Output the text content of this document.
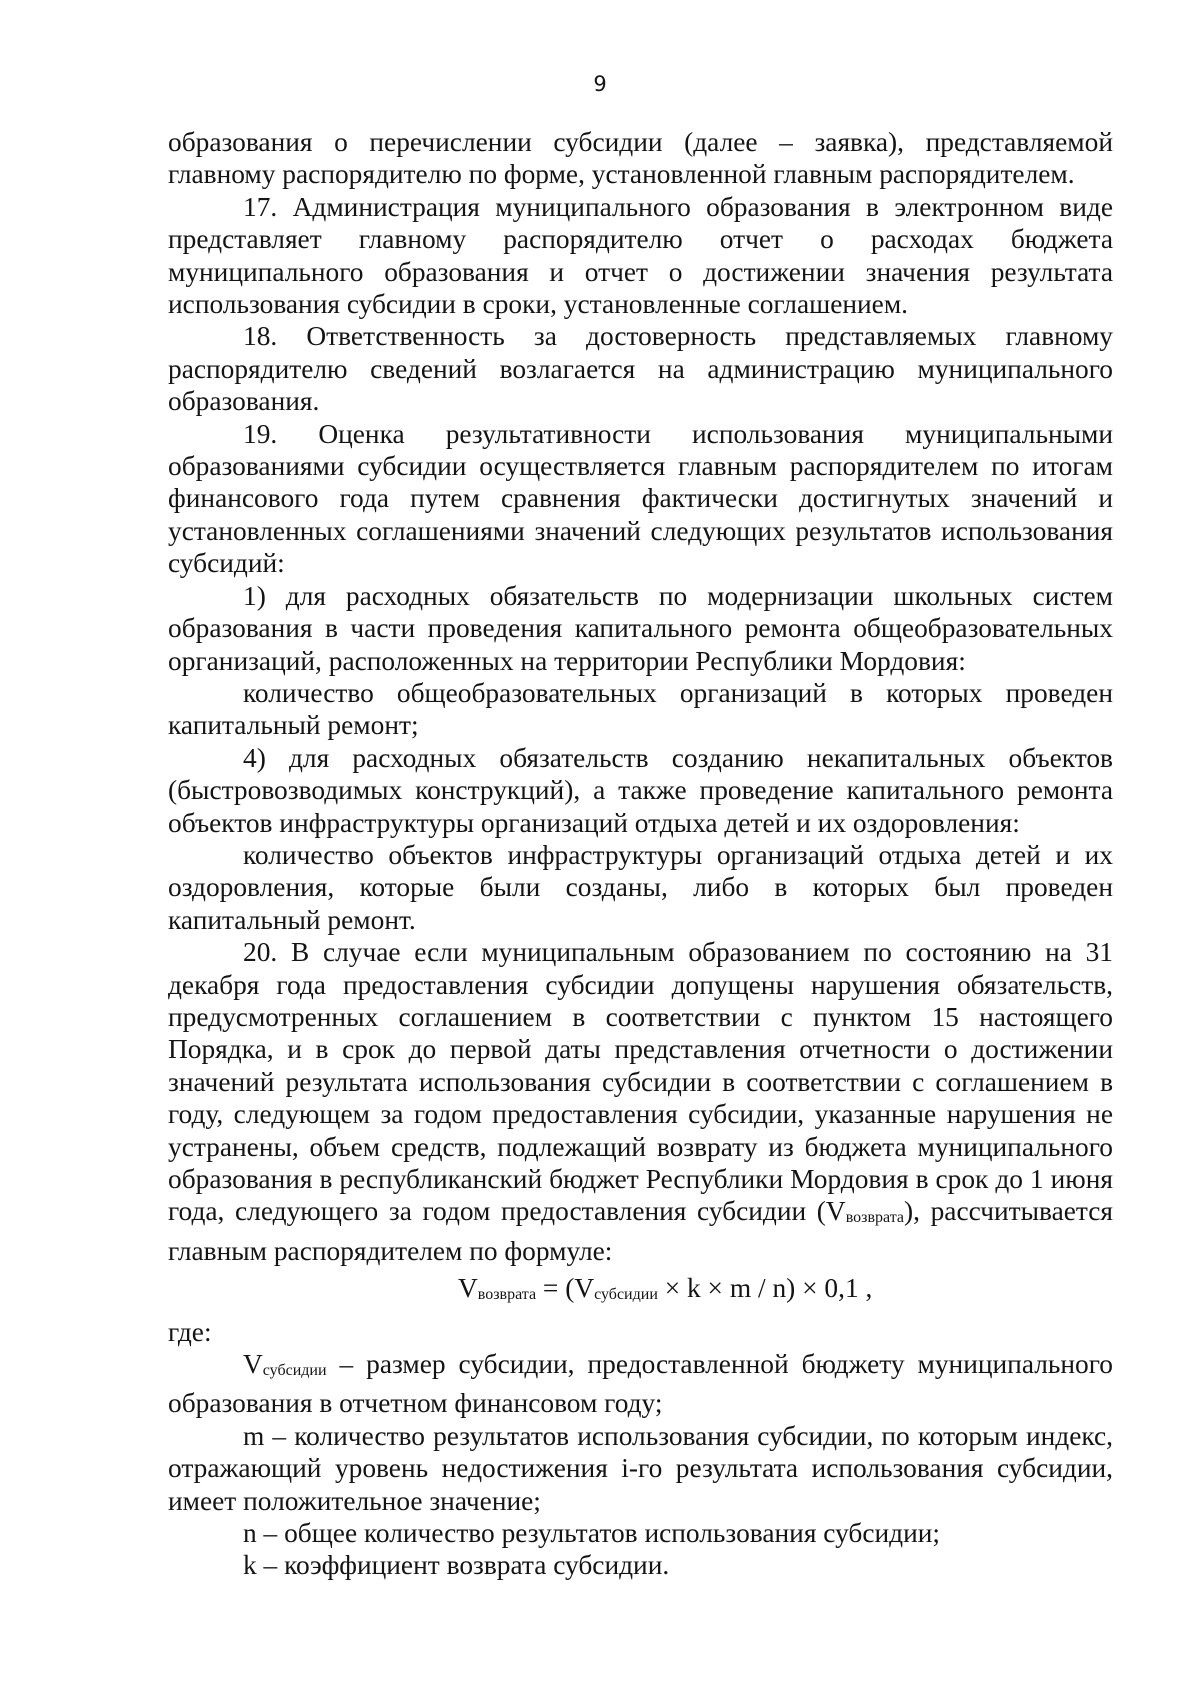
9

образования о перечислении субсидии (далее – заявка), представляемой главному распорядителю по форме, установленной главным распорядителем.

17. Администрация муниципального образования в электронном виде представляет главному распорядителю отчет о расходах бюджета муниципального образования и отчет о достижении значения результата использования субсидии в сроки, установленные соглашением.

18. Ответственность за достоверность представляемых главному распорядителю сведений возлагается на администрацию муниципального образования.

19. Оценка результативности использования муниципальными образованиями субсидии осуществляется главным распорядителем по итогам финансового года путем сравнения фактически достигнутых значений и установленных соглашениями значений следующих результатов использования субсидий:

1) для расходных обязательств по модернизации школьных систем образования в части проведения капитального ремонта общеобразовательных организаций, расположенных на территории Республики Мордовия:

количество общеобразовательных организаций в которых проведен капитальный ремонт;

4) для расходных обязательств созданию некапитальных объектов (быстровозводимых конструкций), а также проведение капитального ремонта объектов инфраструктуры организаций отдыха детей и их оздоровления:

количество объектов инфраструктуры организаций отдыха детей и их оздоровления, которые были созданы, либо в которых был проведен капитальный ремонт.

20. В случае если муниципальным образованием по состоянию на 31 декабря года предоставления субсидии допущены нарушения обязательств, предусмотренных соглашением в соответствии с пунктом 15 настоящего Порядка, и в срок до первой даты представления отчетности о достижении значений результата использования субсидии в соответствии с соглашением в году, следующем за годом предоставления субсидии, указанные нарушения не устранены, объем средств, подлежащий возврату из бюджета муниципального образования в республиканский бюджет Республики Мордовия в срок до 1 июня года, следующего за годом предоставления субсидии (Vвозврата), рассчитывается главным распорядителем по формуле:

Vвозврата = (Vсубсидии × k × m / n) × 0,1 ,

где:

Vсубсидии – размер субсидии, предоставленной бюджету муниципального образования в отчетном финансовом году;

m – количество результатов использования субсидии, по которым индекс, отражающий уровень недостижения i-го результата использования субсидии, имеет положительное значение;

n – общее количество результатов использования субсидии;

k – коэффициент возврата субсидии.
